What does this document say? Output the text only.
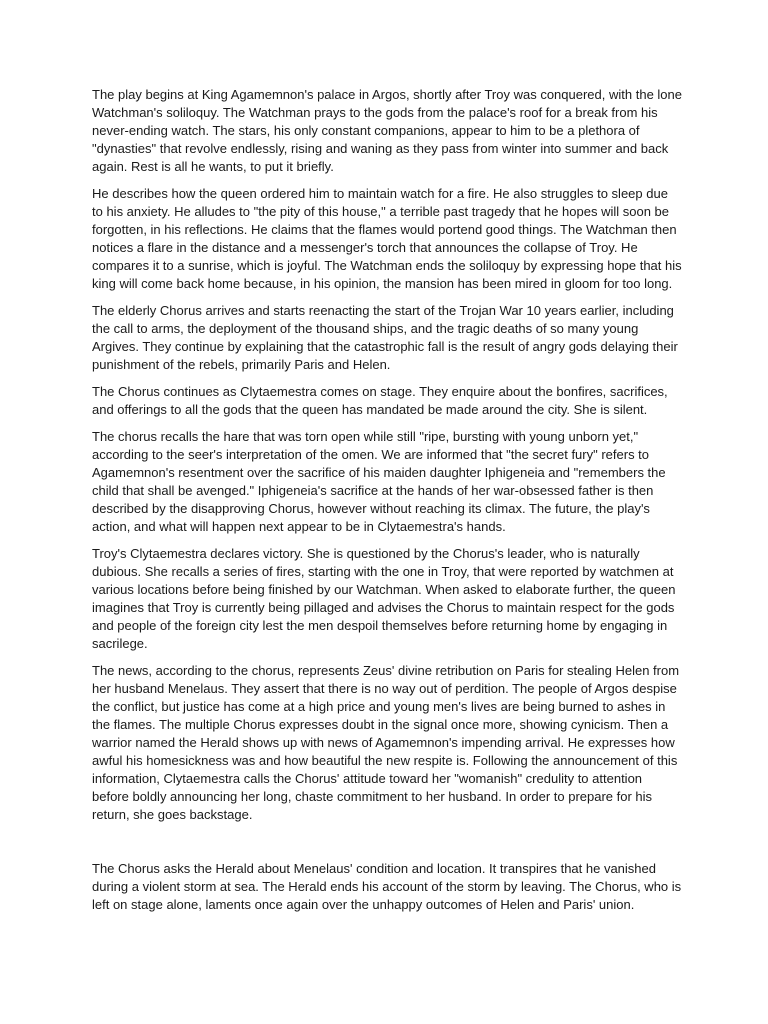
The play begins at King Agamemnon's palace in Argos, shortly after Troy was conquered, with the lone Watchman's soliloquy. The Watchman prays to the gods from the palace's roof for a break from his never-ending watch. The stars, his only constant companions, appear to him to be a plethora of "dynasties" that revolve endlessly, rising and waning as they pass from winter into summer and back again. Rest is all he wants, to put it briefly.

He describes how the queen ordered him to maintain watch for a fire. He also struggles to sleep due to his anxiety. He alludes to "the pity of this house," a terrible past tragedy that he hopes will soon be forgotten, in his reflections. He claims that the flames would portend good things. The Watchman then notices a flare in the distance and a messenger's torch that announces the collapse of Troy. He compares it to a sunrise, which is joyful. The Watchman ends the soliloquy by expressing hope that his king will come back home because, in his opinion, the mansion has been mired in gloom for too long.

The elderly Chorus arrives and starts reenacting the start of the Trojan War 10 years earlier, including the call to arms, the deployment of the thousand ships, and the tragic deaths of so many young Argives. They continue by explaining that the catastrophic fall is the result of angry gods delaying their punishment of the rebels, primarily Paris and Helen.

The Chorus continues as Clytaemestra comes on stage. They enquire about the bonfires, sacrifices, and offerings to all the gods that the queen has mandated be made around the city. She is silent.

The chorus recalls the hare that was torn open while still "ripe, bursting with young unborn yet," according to the seer's interpretation of the omen. We are informed that "the secret fury" refers to Agamemnon's resentment over the sacrifice of his maiden daughter Iphigeneia and "remembers the child that shall be avenged." Iphigeneia's sacrifice at the hands of her war-obsessed father is then described by the disapproving Chorus, however without reaching its climax. The future, the play's action, and what will happen next appear to be in Clytaemestra's hands.

Troy's Clytaemestra declares victory. She is questioned by the Chorus's leader, who is naturally dubious. She recalls a series of fires, starting with the one in Troy, that were reported by watchmen at various locations before being finished by our Watchman. When asked to elaborate further, the queen imagines that Troy is currently being pillaged and advises the Chorus to maintain respect for the gods and people of the foreign city lest the men despoil themselves before returning home by engaging in sacrilege.

The news, according to the chorus, represents Zeus' divine retribution on Paris for stealing Helen from her husband Menelaus. They assert that there is no way out of perdition. The people of Argos despise the conflict, but justice has come at a high price and young men's lives are being burned to ashes in the flames. The multiple Chorus expresses doubt in the signal once more, showing cynicism. Then a warrior named the Herald shows up with news of Agamemnon's impending arrival. He expresses how awful his homesickness was and how beautiful the new respite is. Following the announcement of this information, Clytaemestra calls the Chorus' attitude toward her "womanish" credulity to attention before boldly announcing her long, chaste commitment to her husband. In order to prepare for his return, she goes backstage.

The Chorus asks the Herald about Menelaus' condition and location. It transpires that he vanished during a violent storm at sea. The Herald ends his account of the storm by leaving. The Chorus, who is left on stage alone, laments once again over the unhappy outcomes of Helen and Paris' union.
